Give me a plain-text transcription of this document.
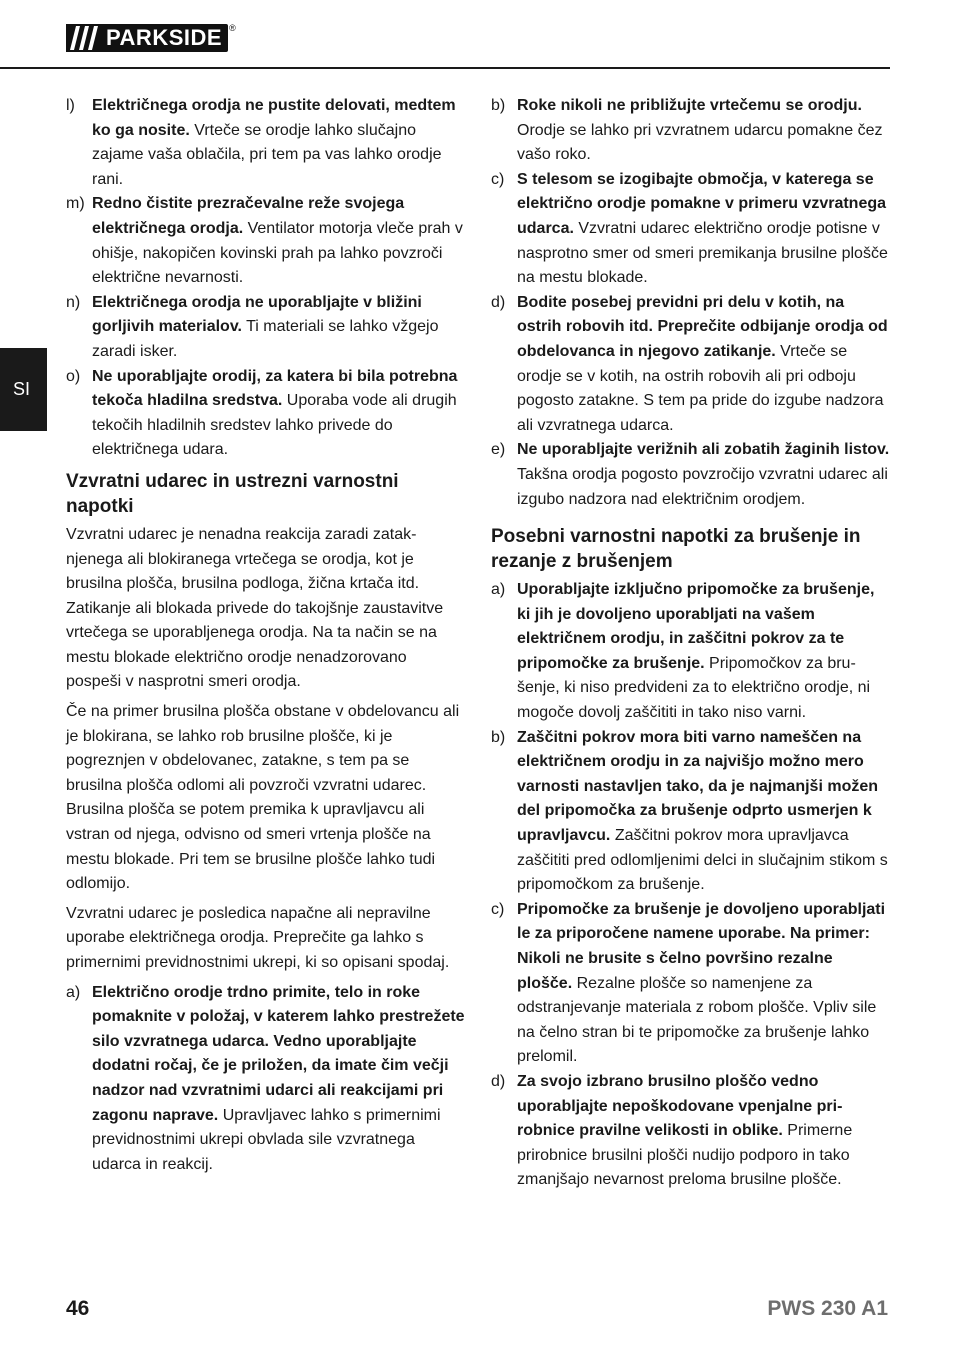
PARKSIDE ®
SI
l) Električnega orodja ne pustite delovati, medtem ko ga nosite. Vrteče se orodje lahko slučajno zajame vaša oblačila, pri tem pa vas lahko orodje rani.
m) Redno čistite prezračevalne reže svojega električnega orodja. Ventilator motorja vleče prah v ohišje, nakopičen kovinski prah pa lahko povzroči električne nevarnosti.
n) Električnega orodja ne uporabljajte v bližini gorljivih materialov. Ti materiali se lahko vžgejo zaradi isker.
o) Ne uporabljajte orodij, za katera bi bila potrebna tekoča hladilna sredstva. Uporaba vode ali drugih tekočih hladilnih sredstev lahko privede do električnega udara.
Vzvratni udarec in ustrezni varnostni napotki

Vzvratni udarec je nenadna reakcija zaradi zataknjenega ali blokiranega vrtečega se orodja, kot je brusilna plošča, brusilna podloga, žična krtača itd. Zatikanje ali blokada privede do takojšnje zaustavitve vrtečega se uporabljenega orodja. Na ta način se na mestu blokade električno orodje nenadzorovano pospeši v nasprotni smeri orodja.

Če na primer brusilna plošča obstane v obdelovancu ali je blokirana, se lahko rob brusilne plošče, ki je pogreznjen v obdelovanec, zatakne, s tem pa se brusilna plošča odlomi ali povzroči vzvratni udarec. Brusilna plošča se potem premika k upravljavcu ali vstran od njega, odvisno od smeri vrtenja plošče na mestu blokade. Pri tem se brusilne plošče lahko tudi odlomijo.

Vzvratni udarec je posledica napačne ali nepravilne uporabe električnega orodja. Preprečite ga lahko s primernimi previdnostnimi ukrepi, ki so opisani spodaj.

a) Električno orodje trdno primite, telo in roke pomaknite v položaj, v katerem lahko prestrežete silo vzvratnega udarca. Vedno uporabljajte dodatni ročaj, če je priložen, da imate čim večji nadzor nad vzvratnimi udarci ali reakcijami pri zagonu naprave. Upravljavec lahko s primernimi previdnostnimi ukrepi obvlada sile vzvratnega udarca in reakcij.
b) Roke nikoli ne približujte vrtečemu se orodju. Orodje se lahko pri vzvratnem udarcu pomakne čez vašo roko.
c) S telesom se izogibajte območja, v katerega se električno orodje pomakne v primeru vzvratnega udarca. Vzvratni udarec električno orodje potisne v nasprotno smer od smeri premikanja brusilne plošče na mestu blokade.
d) Bodite posebej previdni pri delu v kotih, na ostrih robovih itd. Preprečite odbijanje orodja od obdelovanca in njegovo zatikanje. Vrteče se orodje se v kotih, na ostrih robovih ali pri odboju pogosto zatakne. S tem pa pride do izgube nadzora ali vzvratnega udarca.
e) Ne uporabljajte verižnih ali zobatih žaginih listov. Takšna orodja pogosto povzročijo vzvratni udarec ali izgubo nadzora nad električnim orodjem.
Posebni varnostni napotki za brušenje in rezanje z brušenjem
a) Uporabljajte izključno pripomočke za brušenje, ki jih je dovoljeno uporabljati na vašem električnem orodju, in zaščitni pokrov za te pripomočke za brušenje. Pripomočkov za brušenje, ki niso predvideni za to električno orodje, ni mogoče dovolj zaščititi in tako niso varni.
b) Zaščitni pokrov mora biti varno nameščen na električnem orodju in za najvišjo možno mero varnosti nastavljen tako, da je najmanjši možen del pripomočka za brušenje odprto usmerjen k upravljavcu. Zaščitni pokrov mora upravljavca zaščititi pred odlomljenimi delci in slučajnim stikom s pripomočkom za brušenje.
c) Pripomočke za brušenje je dovoljeno uporabljati le za priporočene namene uporabe. Na primer: Nikoli ne brusite s čelno površino rezalne plošče. Rezalne plošče so namenjene za odstranjevanje materiala z robom plošče. Vpliv sile na čelno stran bi te pripomočke za brušenje lahko prelomil.
d) Za svojo izbrano brusilno ploščo vedno uporabljajte nepoškodovane vpenjalne prirobnice pravilne velikosti in oblike. Primerne prirobnice brusilni plošči nudijo podporo in tako zmanjšajo nevarnost preloma brusilne plošče.
46	PWS 230 A1
